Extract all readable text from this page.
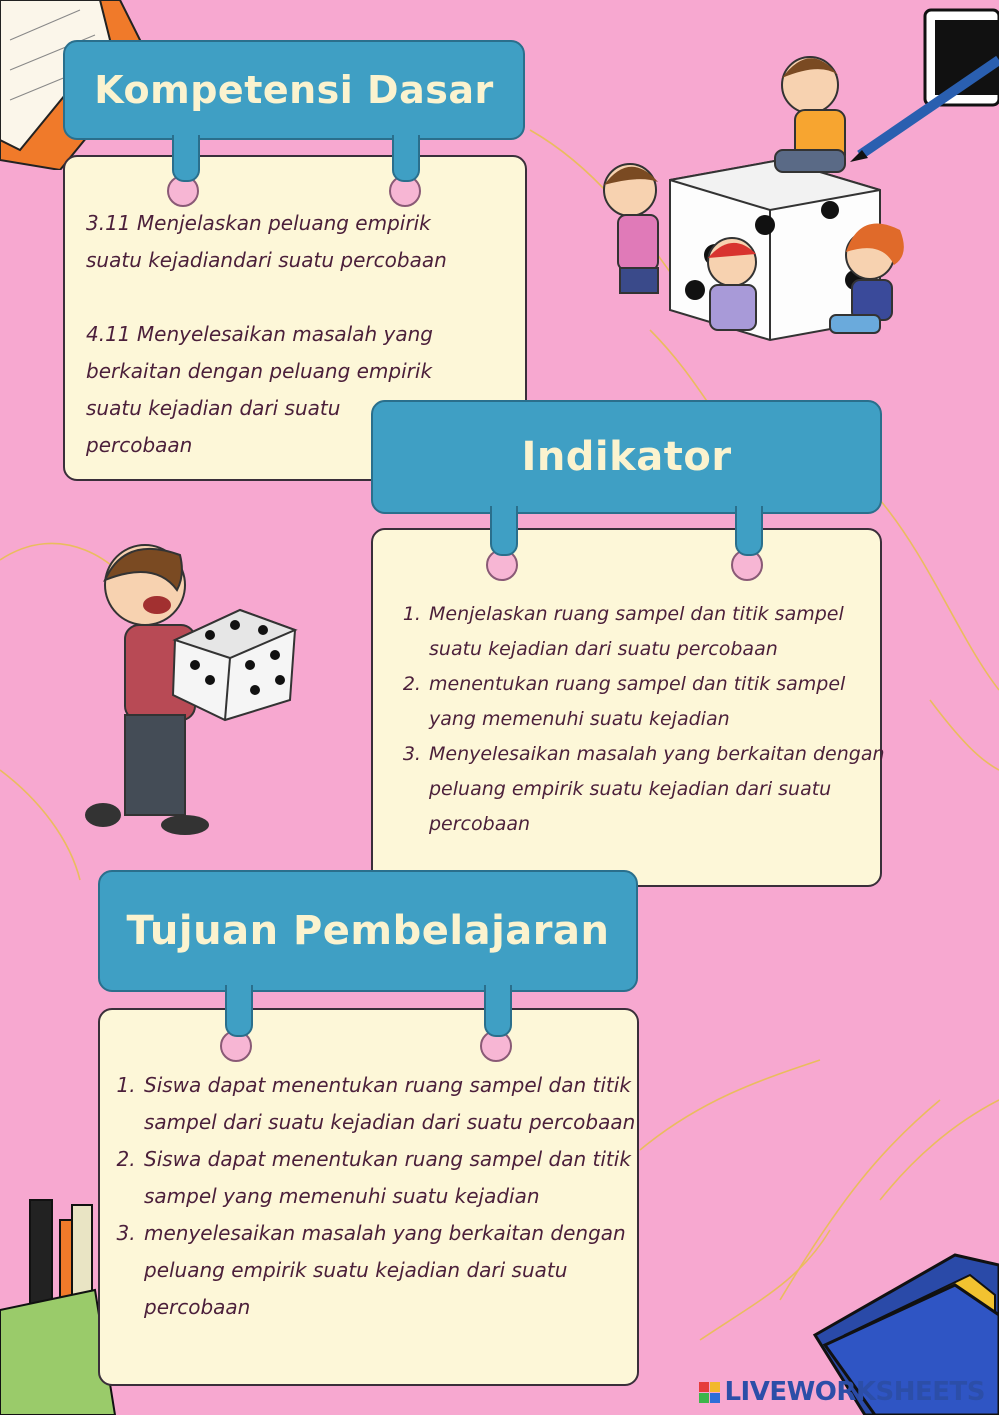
Kompetensi Dasar
3.11 Menjelaskan peluang empirik
suatu kejadiandari suatu percobaan
4.11 Menyelesaikan masalah yang
berkaitan dengan peluang empirik
suatu kejadian dari suatu
percobaan	Indikator
1. Menjelaskan ruang sampel dan titik sampel suatu kejadian dari suatu percobaan
2. menentukan ruang sampel dan titik sampel yang memenuhi suatu kejadian
3. Menyelesaikan masalah yang berkaitan dengan peluang empirik suatu kejadian dari suatu percobaan
Tujuan Pembelajaran
1. Siswa dapat menentukan ruang sampel dan titik sampel dari suatu kejadian dari suatu percobaan
2. Siswa dapat menentukan ruang sampel dan titik sampel yang memenuhi suatu kejadian
3. menyelesaikan masalah yang berkaitan dengan peluang empirik suatu kejadian dari suatu percobaan
LIVEWORKSHEETS
